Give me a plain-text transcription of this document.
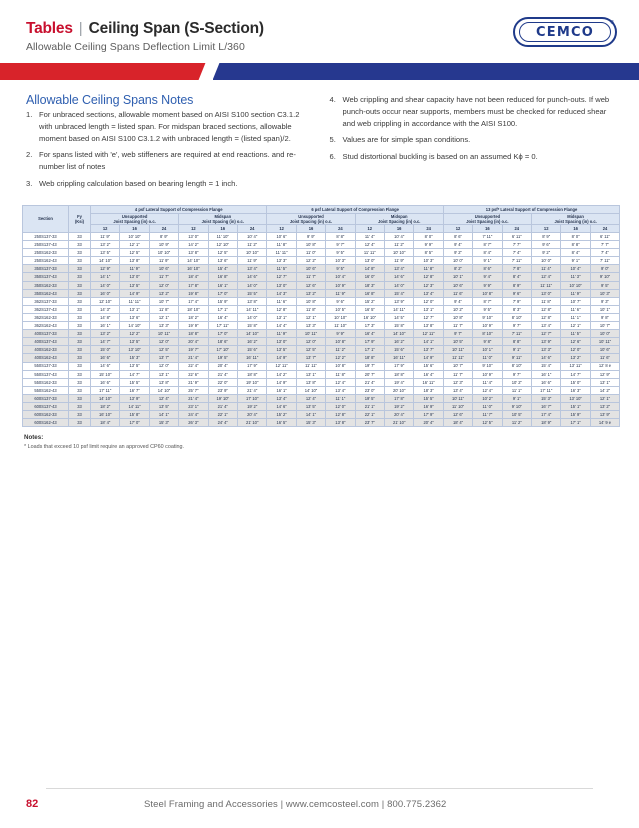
Tables | Ceiling Span (S-Section)
Allowable Ceiling Spans Deflection Limit L/360
CEMCO
®
Allowable Ceiling Spans Notes
1. For unbraced sections, allowable moment based on AISI S100 section C3.1.2 with unbraced length = listed span. For midspan braced sections, allowable moment based on AISI S100 C3.1.2 with unbraced length = (listed span)/2.
2. For spans listed with 'e', web stiffeners are required at end reactions. and re-number list of notes
3. Web crippling calculation based on bearing length = 1 inch.
4. Web crippling and shear capacity have not been reduced for punch-outs. If web punch-outs occur near supports, members must be checked for reduced shear and web crippling in accordance with the AISI S100.
5. Values are for simple span conditions.
6. Stud distortional buckling is based on an assumed Kϕ = 0.
Section	Fy
(Ksi)	4 psf Lateral Support of Compression Flange						6 psf Lateral Support of Compression Flange						13 psf* Lateral Support of Compression Flange					

Unsupported
Joist Spacing (in) o.c.

Midspan
Joist Spacing (in) o.c.

Unsupported
Joist Spacing (in) o.c.

Midspan
Joist Spacing (in) o.c.

Unsupported
Joist Spacing (in) o.c.

Midspan
Joist Spacing (in) o.c.

		12	16	24	12	16	24	12	16	24	12	16	24	12	16	24	12	16	24
250S137-33	33	11' 9"	10' 10"	8' 9"	13' 0"	11' 10"	10' 4"	10' 6"	9' 9"	8' 8"	11' 4"	10' 4"	8' 0"	8' 6"	7' 11"	6' 11"	8' 9"	8' 0"	6' 11"
250S137-43	33	13' 2"	12' 1"	10' 9"	14' 2"	12' 10"	11' 2"	11' 8"	10' 8"	9' 7"	12' 4"	11' 2"	9' 9"	9' 4"	8' 7"	7' 7"	9' 6"	8' 8"	7' 7"
250S162-33	33	13' 5"	12' 5"	10' 10"	13' 8"	12' 5"	10' 10"	11' 11"	11' 0"	9' 5"	11' 11"	10' 10"	8' 5"	9' 2"	8' 4"	7' 4"	9' 2"	8' 4"	7' 4"
250S162-43	33	14' 10"	13' 8"	11' 9"	14' 10"	13' 6"	11' 9"	13' 3"	12' 2"	10' 3"	13' 0"	11' 9"	10' 3"	10' 0"	9' 1"	7' 11"	10' 0"	9' 1"	7' 11"
350S137-33	33	12' 9"	11' 9"	10' 6"	16' 10"	15' 4"	13' 4"	11' 5"	10' 6"	9' 5"	14' 8"	13' 4"	11' 8"	8' 2"	8' 6"	7' 8"	11' 4"	10' 4"	9' 0"
350S137-43	33	14' 1"	13' 0"	11' 7"	18' 4"	16' 8"	14' 6"	12' 7"	11' 7"	10' 4"	16' 0"	14' 6"	12' 8"	10' 1"	9' 4"	8' 4"	12' 4"	11' 3"	9' 10"
350S162-33	33	14' 0"	13' 5"	12' 0"	17' 8"	16' 1"	14' 0"	13' 0"	12' 6"	10' 9"	18' 3"	14' 0"	12' 3"	10' 6"	9' 9"	8' 9"	11' 11"	10' 10"	9' 5"
350S162-43	33	16' 0"	14' 9"	13' 2"	19' 8"	17' 0"	15' 5"	14' 3"	13' 2"	11' 9"	16' 8"	15' 4"	13' 4"	11' 6"	10' 8"	9' 6"	13' 0"	11' 9"	10' 3"
362S137-33	33	12' 10"	11' 11"	10' 7"	17' 4"	15' 9"	13' 8"	11' 6"	10' 8"	9' 6"	15' 2"	13' 9"	12' 0"	9' 4"	8' 7"	7' 9"	11' 8"	10' 7"	9' 3"
362S137-43	33	14' 3"	13' 1"	11' 8"	18' 10"	17' 1"	14' 11"	12' 8"	11' 8"	10' 5"	16' 5"	14' 11"	13' 1"	10' 2"	9' 5"	8' 3"	12' 8"	11' 6"	10' 1"
362S162-33	33	14' 8"	13' 6"	12' 1"	18' 2"	16' 4"	14' 0"	13' 1"	12' 1"	10' 10"	16' 10"	14' 5"	12' 7"	10' 8"	9' 10"	8' 10"	12' 8"	11' 1"	9' 8"
362S162-43	33	16' 1"	14' 10"	13' 3"	19' 9"	17' 11"	15' 8"	14' 4"	13' 3"	11' 10"	17' 3"	15' 8"	13' 8"	11' 7"	10' 9"	9' 7"	13' 4"	12' 1"	10' 7"
400S137-33	33	13' 2"	12' 2"	10' 11"	18' 8"	17' 0"	14' 10"	11' 9"	10' 11"	9' 9"	16' 4"	14' 10"	12' 11"	9' 7"	8' 10"	7' 11"	12' 7"	11' 5"	10' 0"
400S137-43	33	14' 7"	13' 5"	12' 0"	20' 4"	18' 6"	16' 2"	13' 0"	12' 0"	10' 8"	17' 9"	16' 2"	14' 1"	10' 5"	9' 8"	8' 8"	13' 9"	12' 6"	10' 11"
400S162-33	33	15' 0"	13' 10"	12' 5"	19' 7"	17' 10"	15' 6"	13' 5"	12' 5"	11' 2"	17' 1"	15' 6"	13' 7"	10' 11"	10' 1"	9' 1"	13' 3"	12' 0"	10' 6"
400S162-43	33	16' 6"	15' 3"	13' 7"	21' 4"	19' 5"	16' 11"	14' 9"	13' 7"	12' 2"	18' 8"	16' 11"	14' 9"	11' 11"	11' 0"	9' 11"	14' 6"	13' 2"	11' 6"
550S137-33	33	14' 6"	13' 5"	12' 0"	22' 4"	20' 4"	17' 9"	12' 11"	11' 11"	10' 8"	19' 7"	17' 9"	15' 6"	10' 7"	9' 10"	8' 10"	15' 4"	13' 11"	12' 8 e
550S137-43	33	15' 10"	14' 7"	13' 1"	22' 6"	21' 4"	18' 8"	14' 2"	13' 1"	11' 8"	20' 7"	18' 8"	16' 4"	11' 7"	10' 9"	9' 7"	16' 1"	14' 7"	12' 9"
550S162-33	33	16' 6"	15' 5"	13' 8"	21' 9"	22' 0"	19' 10"	14' 9"	13' 8"	12' 4"	21' 4"	19' 4"	16' 11"	12' 3"	11' 4"	10' 2"	16' 6"	15' 0"	13' 1"
550S162-43	33	17' 11"	16' 7"	14' 10"	25' 7"	23' 9"	21' 4"	16' 1"	14' 10"	13' 4"	23' 0"	20' 10"	18' 3"	13' 4"	12' 4"	11' 1"	17' 11"	16' 3"	14' 2"
600S137-33	33	14' 10"	13' 9"	12' 4"	21' 4"	19' 10"	17' 10"	13' 4"	12' 4"	11' 1"	19' 5"	17' 8"	15' 5"	10' 11"	10' 2"	9' 1"	15' 3"	13' 10"	12' 1"
600S137-43	33	18' 2"	14' 11"	13' 5"	23' 1"	21' 4"	19' 2"	14' 6"	13' 5"	12' 0"	21' 1"	19' 2"	16' 9"	11' 10"	11' 0"	9' 10"	16' 7"	15' 1"	13' 2"
600S162-33	33	16' 10"	15' 8"	14' 1"	24' 4"	22' 1"	20' 4"	15' 2"	14' 1"	12' 8"	22' 1"	20' 4"	17' 9"	12' 6"	11' 7"	10' 5"	17' 4"	15' 9"	13' 9"
600S162-43	33	18' 4"	17' 0"	15' 3"	26' 3"	24' 4"	21' 10"	16' 5"	15' 3"	13' 8"	23' 7"	21' 10"	20' 4"	18' 4"	12' 5"	11' 2"	18' 9"	17' 1"	14' 9 e
Notes:
* Loads that exceed 10 psf limit require an approved CP60 coating.
82	Steel Framing and Accessories | www.cemcosteel.com | 800.775.2362
